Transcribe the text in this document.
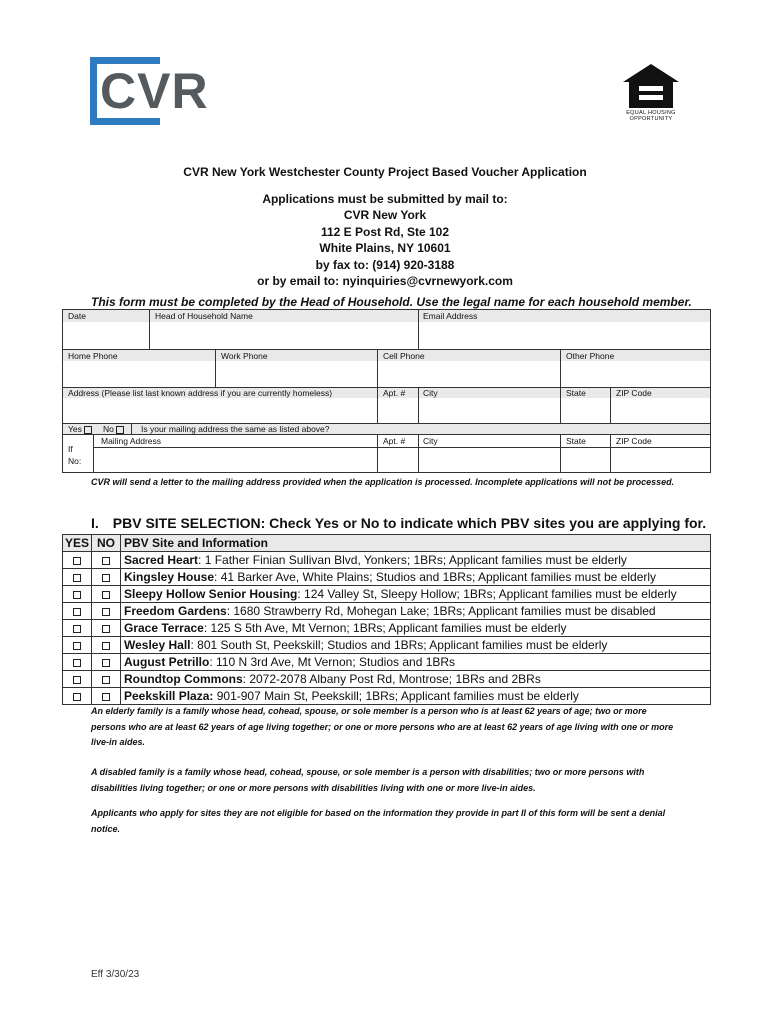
CVR	EQUAL HOUSING
OPPORTUNITY
CVR New York Westchester County Project Based Voucher Application
Applications must be submitted by mail to:
CVR New York
112 E Post Rd, Ste 102
White Plains, NY 10601
by fax to: (914) 920-3188
or by email to: nyinquiries@cvrnewyork.com
This form must be completed by the Head of Household. Use the legal name for each household member.
Date	Head of Household Name	Email Address
Home Phone	Work Phone	Cell Phone	Other Phone
Address (Please list last known address if you are currently homeless)	Apt. # City	State	ZIP Code
Yes	No	Is your mailing address the same as listed above?
If No:
Mailing Address	Apt. # City	State	ZIP Code
CVR will send a letter to the mailing address provided when the application is processed. Incomplete applications will not be processed.
I. PBV SITE SELECTION: Check Yes or No to indicate which PBV sites you are applying for.
YES	NO	PBV Site and Information
		Sacred Heart: 1 Father Finian Sullivan Blvd, Yonkers; 1BRs; Applicant families must be elderly
		Kingsley House: 41 Barker Ave, White Plains; Studios and 1BRs; Applicant families must be elderly
		Sleepy Hollow Senior Housing: 124 Valley St, Sleepy Hollow; 1BRs; Applicant families must be elderly
		Freedom Gardens: 1680 Strawberry Rd, Mohegan Lake; 1BRs; Applicant families must be disabled
		Grace Terrace: 125 S 5th Ave, Mt Vernon; 1BRs; Applicant families must be elderly
		Wesley Hall: 801 South St, Peekskill; Studios and 1BRs; Applicant families must be elderly
		August Petrillo: 110 N 3rd Ave, Mt Vernon; Studios and 1BRs
		Roundtop Commons: 2072-2078 Albany Post Rd, Montrose; 1BRs and 2BRs
		Peekskill Plaza: 901-907 Main St, Peekskill; 1BRs; Applicant families must be elderly
An elderly family is a family whose head, cohead, spouse, or sole member is a person who is at least 62 years of age; two or more persons who are at least 62 years of age living together; or one or more persons who are at least 62 years of age living with one or more live-in aides.
A disabled family is a family whose head, cohead, spouse, or sole member is a person with disabilities; two or more persons with disabilities living together; or one or more persons with disabilities living with one or more live-in aides.
Applicants who apply for sites they are not eligible for based on the information they provide in part II of this form will be sent a denial notice.
Eff 3/30/23
